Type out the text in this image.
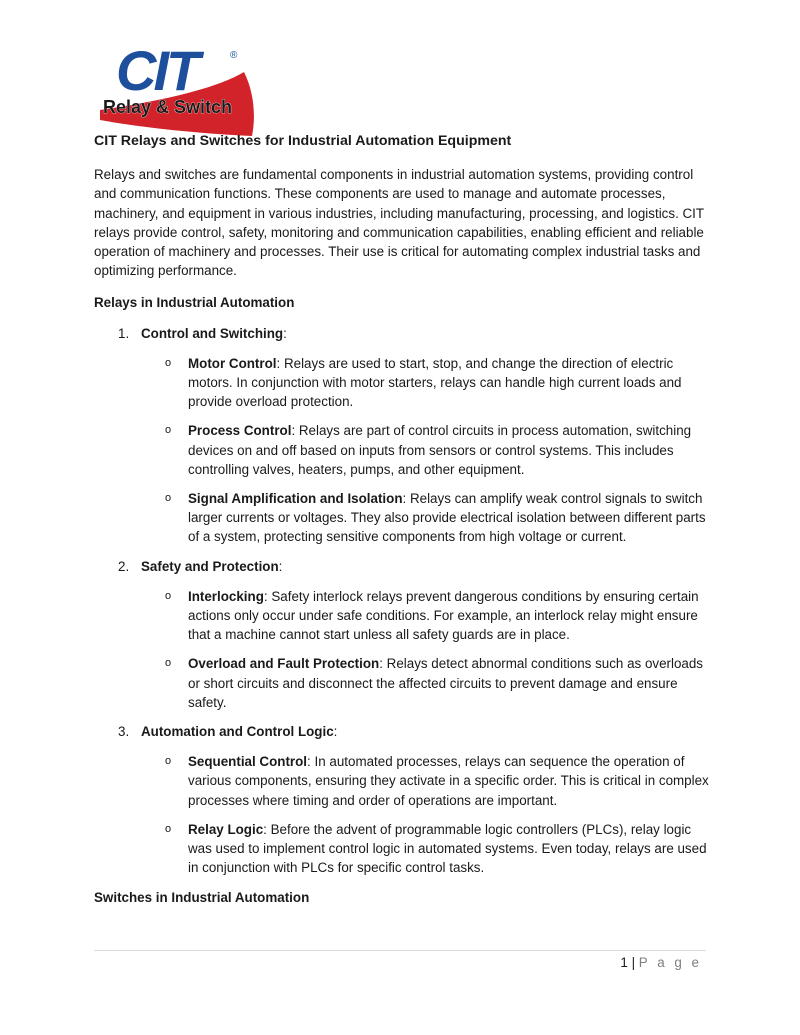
CIT	®
Relay & Switch
CIT Relays and Switches for Industrial Automation Equipment

Relays and switches are fundamental components in industrial automation systems, providing control and communication functions. These components are used to manage and automate processes, machinery, and equipment in various industries, including manufacturing, processing, and logistics. CIT relays provide control, safety, monitoring and communication capabilities, enabling efficient and reliable operation of machinery and processes. Their use is critical for automating complex industrial tasks and optimizing performance.

Relays in Industrial Automation
1. Control and Switching:
o Motor Control: Relays are used to start, stop, and change the direction of electric motors. In conjunction with motor starters, relays can handle high current loads and provide overload protection.
o Process Control: Relays are part of control circuits in process automation, switching devices on and off based on inputs from sensors or control systems. This includes controlling valves, heaters, pumps, and other equipment.
o Signal Amplification and Isolation: Relays can amplify weak control signals to switch larger currents or voltages. They also provide electrical isolation between different parts of a system, protecting sensitive components from high voltage or current.
2. Safety and Protection:
o Interlocking: Safety interlock relays prevent dangerous conditions by ensuring certain actions only occur under safe conditions. For example, an interlock relay might ensure that a machine cannot start unless all safety guards are in place.
o Overload and Fault Protection: Relays detect abnormal conditions such as overloads or short circuits and disconnect the affected circuits to prevent damage and ensure safety.
3. Automation and Control Logic:
o Sequential Control: In automated processes, relays can sequence the operation of various components, ensuring they activate in a specific order. This is critical in complex processes where timing and order of operations are important.
o Relay Logic: Before the advent of programmable logic controllers (PLCs), relay logic was used to implement control logic in automated systems. Even today, relays are used in conjunction with PLCs for specific control tasks.
Switches in Industrial Automation
1 | P a g e
